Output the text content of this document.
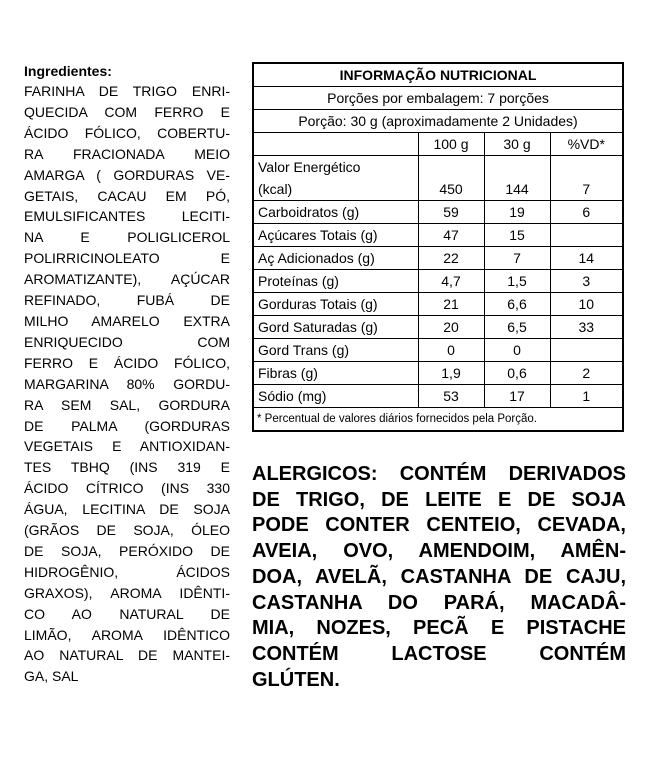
Ingredientes:
FARINHA DE TRIGO ENRI-
QUECIDA COM FERRO E
ÁCIDO FÓLICO, COBERTU-
RA FRACIONADA MEIO
AMARGA ( GORDURAS VE-
GETAIS, CACAU EM PÓ,
EMULSIFICANTES LECITI-
NA E POLIGLICEROL
POLIRRICINOLEATO E
AROMATIZANTE), AÇÚCAR
REFINADO, FUBÁ DE
MILHO AMARELO EXTRA
ENRIQUECIDO COM
FERRO E ÁCIDO FÓLICO,
MARGARINA 80% GORDU-
RA SEM SAL, GORDURA
DE PALMA (GORDURAS
VEGETAIS E ANTIOXIDAN-
TES TBHQ (INS 319 E
ÁCIDO CÍTRICO (INS 330
ÁGUA, LECITINA DE SOJA
(GRÃOS DE SOJA, ÓLEO
DE SOJA, PERÓXIDO DE
HIDROGÊNIO, ÁCIDOS
GRAXOS), AROMA IDÊNTI-
CO AO NATURAL DE
LIMÃO, AROMA IDÊNTICO
AO NATURAL DE MANTEI-
GA, SAL
INFORMAÇÃO NUTRICIONAL			
Porções por embalagem: 7 porções			
Porção: 30 g (aproximadamente 2 Unidades)			
	100 g	30 g	%VD*

Valor Energético
(kcal)	450	144	7
Carboidratos (g)	59	19	6
Açúcares Totais (g)	47	15	
Aç Adicionados (g)	22	7	14
Proteínas (g)	4,7	1,5	3
Gorduras Totais (g)	21	6,6	10
Gord Saturadas (g)	20	6,5	33
Gord Trans (g)	0	0	
Fibras (g)	1,9	0,6	2
Sódio (mg)	53	17	1
* Percentual de valores diários fornecidos pela Porção.			
ALERGICOS: CONTÉM DERIVADOS
DE TRIGO, DE LEITE E DE SOJA
PODE CONTER CENTEIO, CEVADA,
AVEIA, OVO, AMENDOIM, AMÊN-
DOA, AVELÃ, CASTANHA DE CAJU,
CASTANHA DO PARÁ, MACADÂ-
MIA, NOZES, PECÃ E PISTACHE
CONTÉM LACTOSE CONTÉM
GLÚTEN.
